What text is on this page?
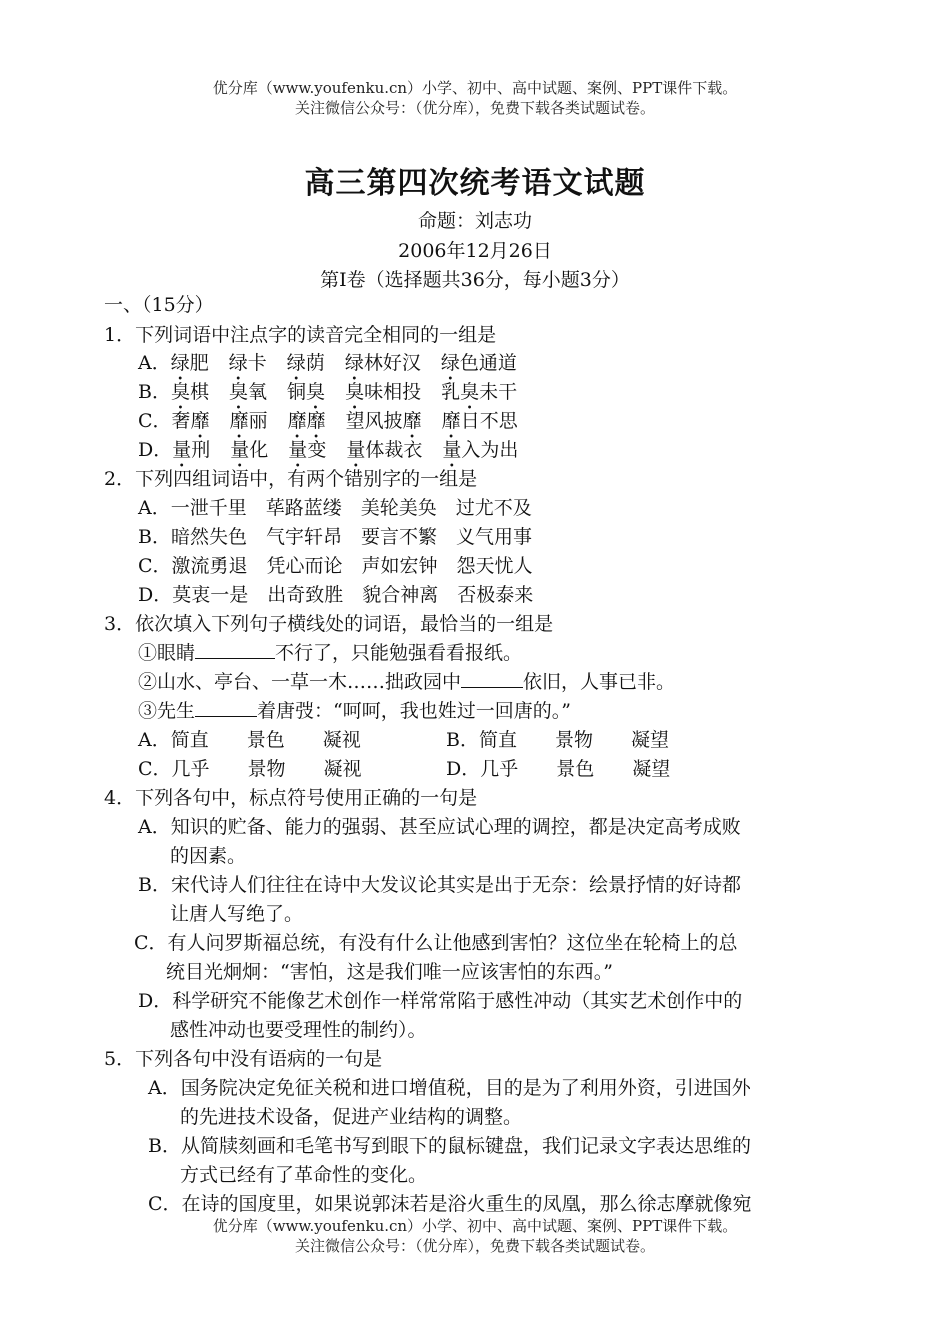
优分库（www.youfenku.cn）小学、初中、高中试题、案例、PPT课件下载。
关注微信公众号：（优分库），免费下载各类试题试卷。
高三第四次统考语文试题
命题：刘志功
2006年12月26日
第Ⅰ卷（选择题共36分，每小题3分）
一、（15分）
1．下列词语中注点字的读音完全相同的一组是
A．绿肥 绿卡 绿荫 绿林好汉 绿色通道
B．臭棋 臭氧 铜臭 臭味相投 乳臭未干
C．奢靡 靡丽 靡靡 望风披靡 靡日不思
D．量刑 量化 量变 量体裁衣 量入为出
2．下列四组词语中，有两个错别字的一组是
A．一泄千里　荜路蓝缕　美轮美奂　过尤不及
B．暗然失色　气宇轩昂　要言不繁　义气用事
C．激流勇退　凭心而论　声如宏钟　怨天忧人
D．莫衷一是　出奇致胜　貌合神离　否极泰来
3．依次填入下列句子横线处的词语，最恰当的一组是
①眼睛	不行了，只能勉强看看报纸。
②山水、亭台、一草一木……拙政园中	依旧，人事已非。
③先生	着唐弢：“呵呵，我也姓过一回唐的。”
A．简直　　景色　　凝视	B．简直　　景物　　凝望
C．几乎　　景物　　凝视	D．几乎　　景色　　凝望
4．下列各句中，标点符号使用正确的一句是
A．知识的贮备、能力的强弱、甚至应试心理的调控，都是决定高考成败
的因素。
B．宋代诗人们往往在诗中大发议论其实是出于无奈：绘景抒情的好诗都
让唐人写绝了。
C．有人问罗斯福总统，有没有什么让他感到害怕？这位坐在轮椅上的总
统目光炯炯：“害怕，这是我们唯一应该害怕的东西。”
D．科学研究不能像艺术创作一样常常陷于感性冲动（其实艺术创作中的
感性冲动也要受理性的制约）。
5．下列各句中没有语病的一句是
A．国务院决定免征关税和进口增值税，目的是为了利用外资，引进国外
的先进技术设备，促进产业结构的调整。
B．从简牍刻画和毛笔书写到眼下的鼠标键盘，我们记录文字表达思维的
方式已经有了革命性的变化。
C．在诗的国度里，如果说郭沫若是浴火重生的凤凰，那么徐志摩就像宛
优分库（www.youfenku.cn）小学、初中、高中试题、案例、PPT课件下载。
关注微信公众号：（优分库），免费下载各类试题试卷。
